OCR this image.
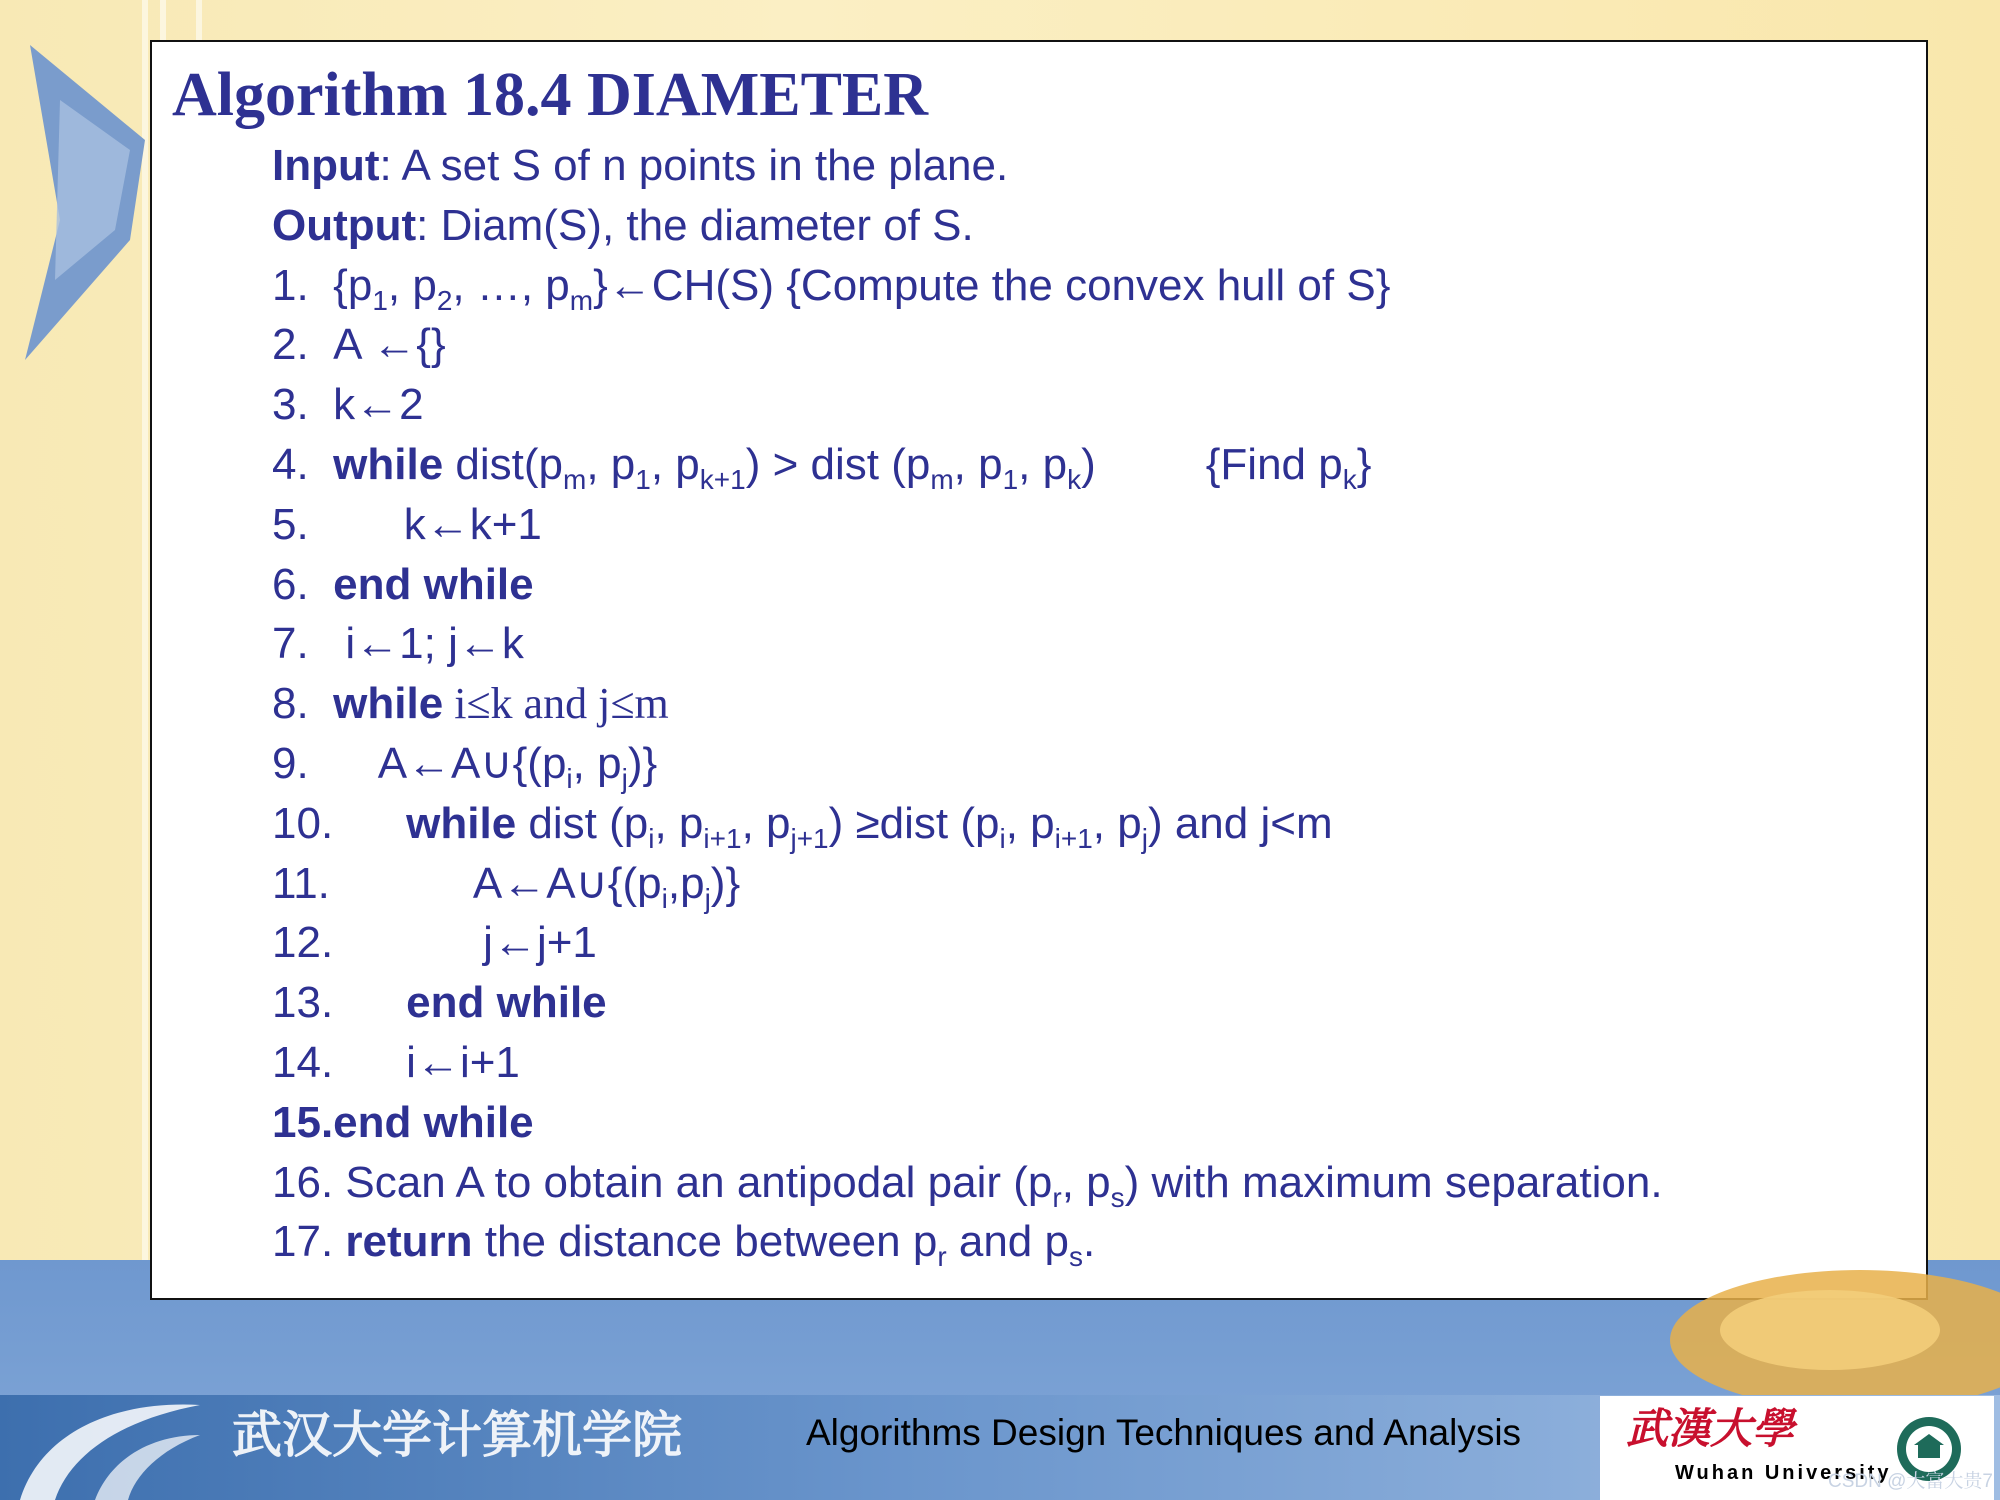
Algorithm 18.4 DIAMETER
Input: A set S of n points in the plane.
Output: Diam(S), the diameter of S.
1. {$p_1$, $p_2$, …, $p_m\}\leftarrow CH(S)$ {Compute the convex hull of S}
2. A ←{}
3. k←2
4. while $dist(p_m$, $p_1$, $p_{k+1}$) > dist ($p_m$, $p_1$, $p_k$)	{Find $p_k$}
5. k←k+1
6. end while
7. i←1; j←k
8. while i≤k and j≤m
9. $A\leftarrow A\cup\{(p_i$, $p_j$)}
10. while dist ($p_i$, $p_{i+1}$, $p_{j+1}$) ≥dist ($p_i$, $p_{i+1}$, $p_j$) and j<m
11.	$A\leftarrow A\cup\{(p_i,p_j)\}$
12.	j←j+1
13. end while
14. i←i+1
15.end while
16. Scan A to obtain an antipodal pair ($p_r$, $p_s$) with maximum separation.
17. return the distance between $p_r$ and $p_s$.
武汉大学计算机学院	Algorithms Design Techniques and Analysis 武漢大學
Wuhan University
CSDN @大富大贵7
